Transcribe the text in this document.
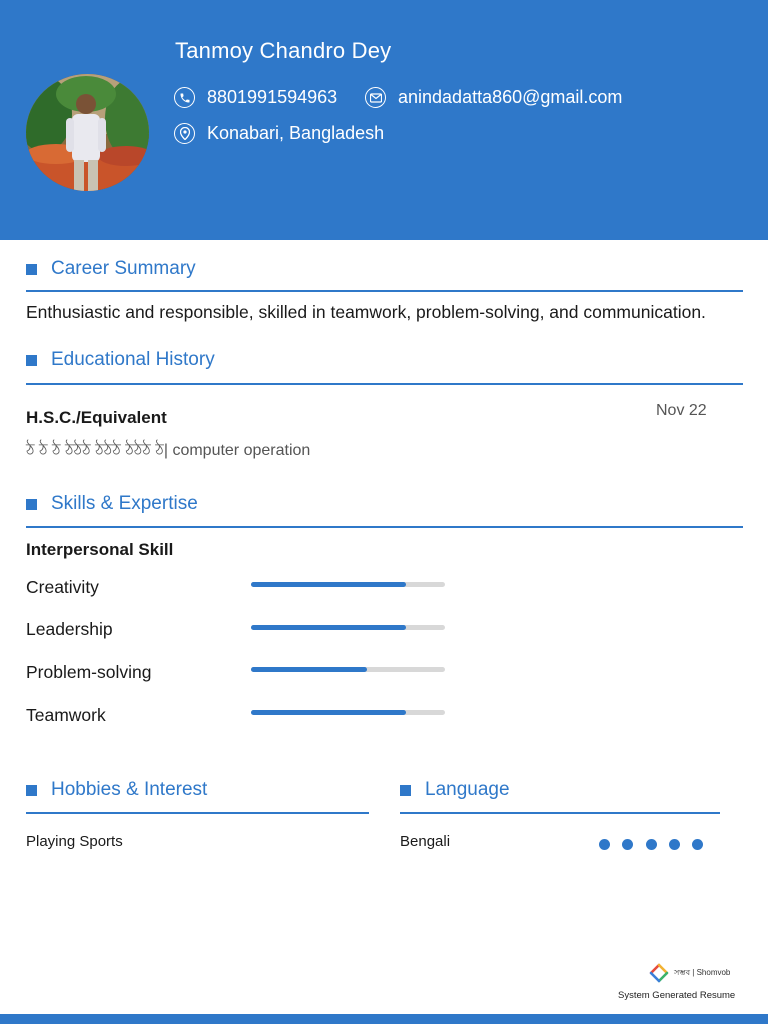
Tanmoy Chandro Dey
8801991594963	anindadatta860@gmail.com
Konabari, Bangladesh
Career Summary
Enthusiastic and responsible, skilled in teamwork, problem-solving, and communication.
Educational History
H.S.C./Equivalent	Nov 22
ঠ ঠ ঠ ঠঠঠ ঠঠঠ ঠঠঠ ঠ| computer operation
Skills & Expertise
Interpersonal Skill
Creativity
Leadership
Problem-solving
Teamwork
Hobbies & Interest
Playing Sports
Language
Bengali
সম্ভব | Shomvob
System Generated Resume
